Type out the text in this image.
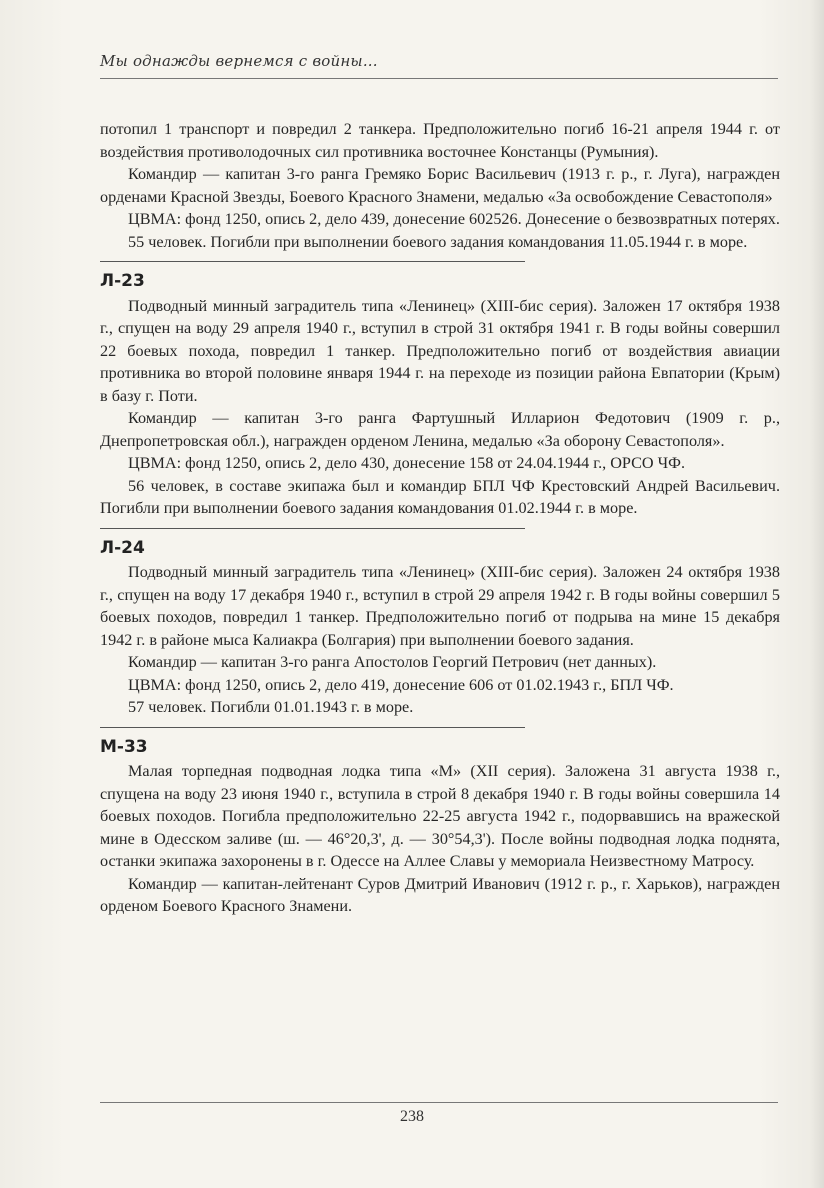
Мы однажды вернемся с войны...

потопил 1 транспорт и повредил 2 танкера. Предположительно погиб 16-21 апреля 1944 г. от воздействия противолодочных сил противника восточнее Констанцы (Румыния).

Командир — капитан 3-го ранга Гремяко Борис Васильевич (1913 г. р., г. Луга), награжден орденами Красной Звезды, Боевого Красного Знамени, медалью «За освобождение Севастополя»

ЦВМА: фонд 1250, опись 2, дело 439, донесение 602526. Донесение о безвозвратных потерях.

55 человек. Погибли при выполнении боевого задания командования 11.05.1944 г. в море.

Л-23

Подводный минный заградитель типа «Ленинец» (XIII-бис серия). Заложен 17 октября 1938 г., спущен на воду 29 апреля 1940 г., вступил в строй 31 октября 1941 г. В годы войны совершил 22 боевых похода, повредил 1 танкер. Предположительно погиб от воздействия авиации противника во второй половине января 1944 г. на переходе из позиции района Евпатории (Крым) в базу г. Поти.

Командир — капитан 3-го ранга Фартушный Илларион Федотович (1909 г. р., Днепропетровская обл.), награжден орденом Ленина, медалью «За оборону Севастополя».

ЦВМА: фонд 1250, опись 2, дело 430, донесение 158 от 24.04.1944 г., ОРСО ЧФ.

56 человек, в составе экипажа был и командир БПЛ ЧФ Крестовский Андрей Васильевич. Погибли при выполнении боевого задания командования 01.02.1944 г. в море.

Л-24

Подводный минный заградитель типа «Ленинец» (XIII-бис серия). Заложен 24 октября 1938 г., спущен на воду 17 декабря 1940 г., вступил в строй 29 апреля 1942 г. В годы войны совершил 5 боевых походов, повредил 1 танкер. Предположительно погиб от подрыва на мине 15 декабря 1942 г. в районе мыса Калиакра (Болгария) при выполнении боевого задания.

Командир — капитан 3-го ранга Апостолов Георгий Петрович (нет данных).

ЦВМА: фонд 1250, опись 2, дело 419, донесение 606 от 01.02.1943 г., БПЛ ЧФ.

57 человек. Погибли 01.01.1943 г. в море.

М-33

Малая торпедная подводная лодка типа «М» (XII серия). Заложена 31 августа 1938 г., спущена на воду 23 июня 1940 г., вступила в строй 8 декабря 1940 г. В годы войны совершила 14 боевых походов. Погибла предположительно 22-25 августа 1942 г., подорвавшись на вражеской мине в Одесском заливе (ш. — 46°20,3', д. — 30°54,3'). После войны подводная лодка поднята, останки экипажа захоронены в г. Одессе на Аллее Славы у мемориала Неизвестному Матросу.

Командир — капитан-лейтенант Суров Дмитрий Иванович (1912 г. р., г. Харьков), награжден орденом Боевого Красного Знамени.

238
